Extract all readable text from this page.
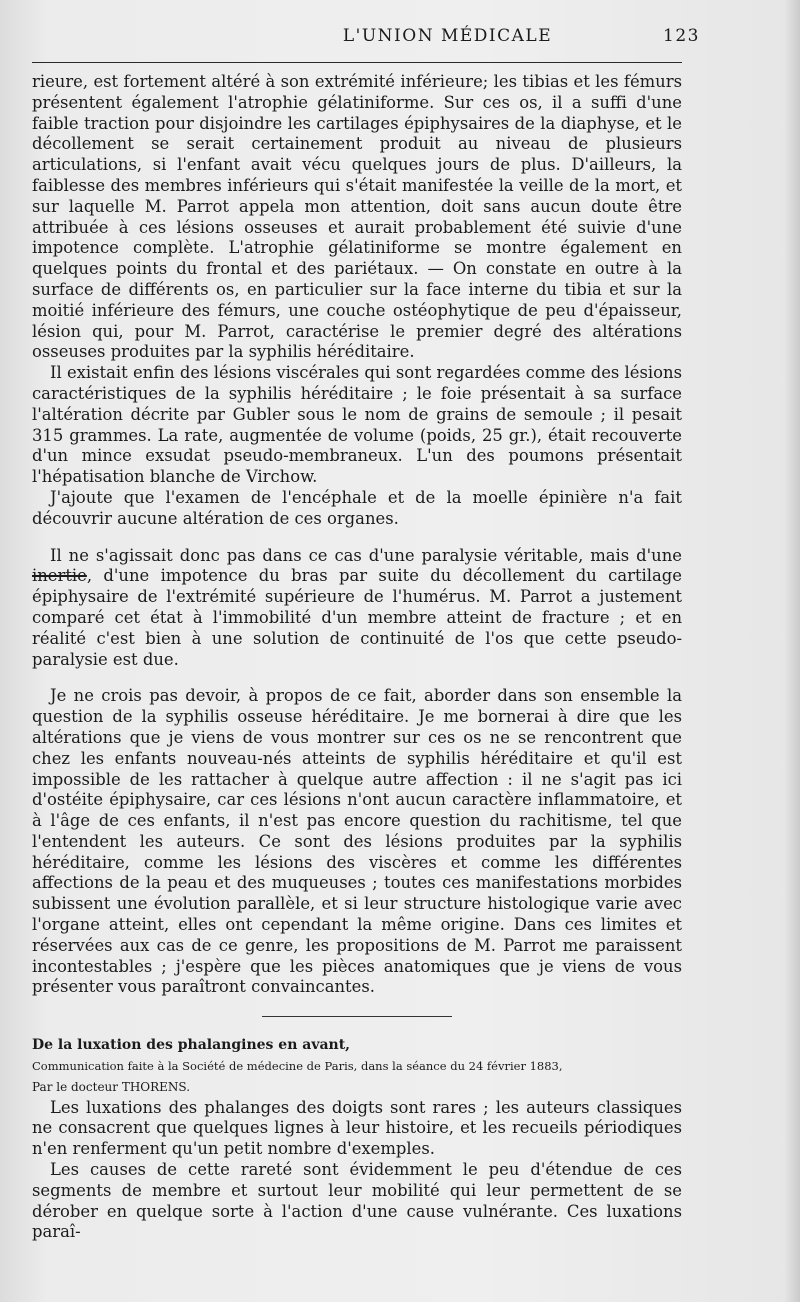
L'UNION MÉDICALE	123

rieure, est fortement altéré à son extrémité inférieure; les tibias et les fémurs présentent également l'atrophie gélatiniforme. Sur ces os, il a suffi d'une faible traction pour disjoindre les cartilages épiphysaires de la diaphyse, et le décollement se serait certainement produit au niveau de plusieurs articulations, si l'enfant avait vécu quelques jours de plus. D'ailleurs, la faiblesse des membres inférieurs qui s'était manifestée la veille de la mort, et sur laquelle M. Parrot appela mon attention, doit sans aucun doute être attribuée à ces lésions osseuses et aurait probablement été suivie d'une impotence complète. L'atrophie gélatiniforme se montre également en quelques points du frontal et des pariétaux. — On constate en outre à la surface de différents os, en particulier sur la face interne du tibia et sur la moitié inférieure des fémurs, une couche ostéophytique de peu d'épaisseur, lésion qui, pour M. Parrot, caractérise le premier degré des altérations osseuses produites par la syphilis héréditaire.

Il existait enfin des lésions viscérales qui sont regardées comme des lésions caractéristiques de la syphilis héréditaire ; le foie présentait à sa surface l'altération décrite par Gubler sous le nom de grains de semoule ; il pesait 315 grammes. La rate, augmentée de volume (poids, 25 gr.), était recouverte d'un mince exsudat pseudo-membraneux. L'un des poumons présentait l'hépatisation blanche de Virchow.

J'ajoute que l'examen de l'encéphale et de la moelle épinière n'a fait découvrir aucune altération de ces organes.

Il ne s'agissait donc pas dans ce cas d'une paralysie véritable, mais d'une inertie, d'une impotence du bras par suite du décollement du cartilage épiphysaire de l'extrémité supérieure de l'humérus. M. Parrot a justement comparé cet état à l'immobilité d'un membre atteint de fracture ; et en réalité c'est bien à une solution de continuité de l'os que cette pseudo-paralysie est due.

Je ne crois pas devoir, à propos de ce fait, aborder dans son ensemble la question de la syphilis osseuse héréditaire. Je me bornerai à dire que les altérations que je viens de vous montrer sur ces os ne se rencontrent que chez les enfants nouveau-nés atteints de syphilis héréditaire et qu'il est impossible de les rattacher à quelque autre affection : il ne s'agit pas ici d'ostéite épiphysaire, car ces lésions n'ont aucun caractère inflammatoire, et à l'âge de ces enfants, il n'est pas encore question du rachitisme, tel que l'entendent les auteurs. Ce sont des lésions produites par la syphilis héréditaire, comme les lésions des viscères et comme les différentes affections de la peau et des muqueuses ; toutes ces manifestations morbides subissent une évolution parallèle, et si leur structure histologique varie avec l'organe atteint, elles ont cependant la même origine. Dans ces limites et réservées aux cas de ce genre, les propositions de M. Parrot me paraissent incontestables ; j'espère que les pièces anatomiques que je viens de vous présenter vous paraîtront convaincantes.

De la luxation des phalangines en avant,

Communication faite à la Société de médecine de Paris, dans la séance du 24 février 1883,

Par le docteur THORENS.

Les luxations des phalanges des doigts sont rares ; les auteurs classiques ne consacrent que quelques lignes à leur histoire, et les recueils périodiques n'en renferment qu'un petit nombre d'exemples.

Les causes de cette rareté sont évidemment le peu d'étendue de ces segments de membre et surtout leur mobilité qui leur permettent de se dérober en quelque sorte à l'action d'une cause vulnérante. Ces luxations paraî-
